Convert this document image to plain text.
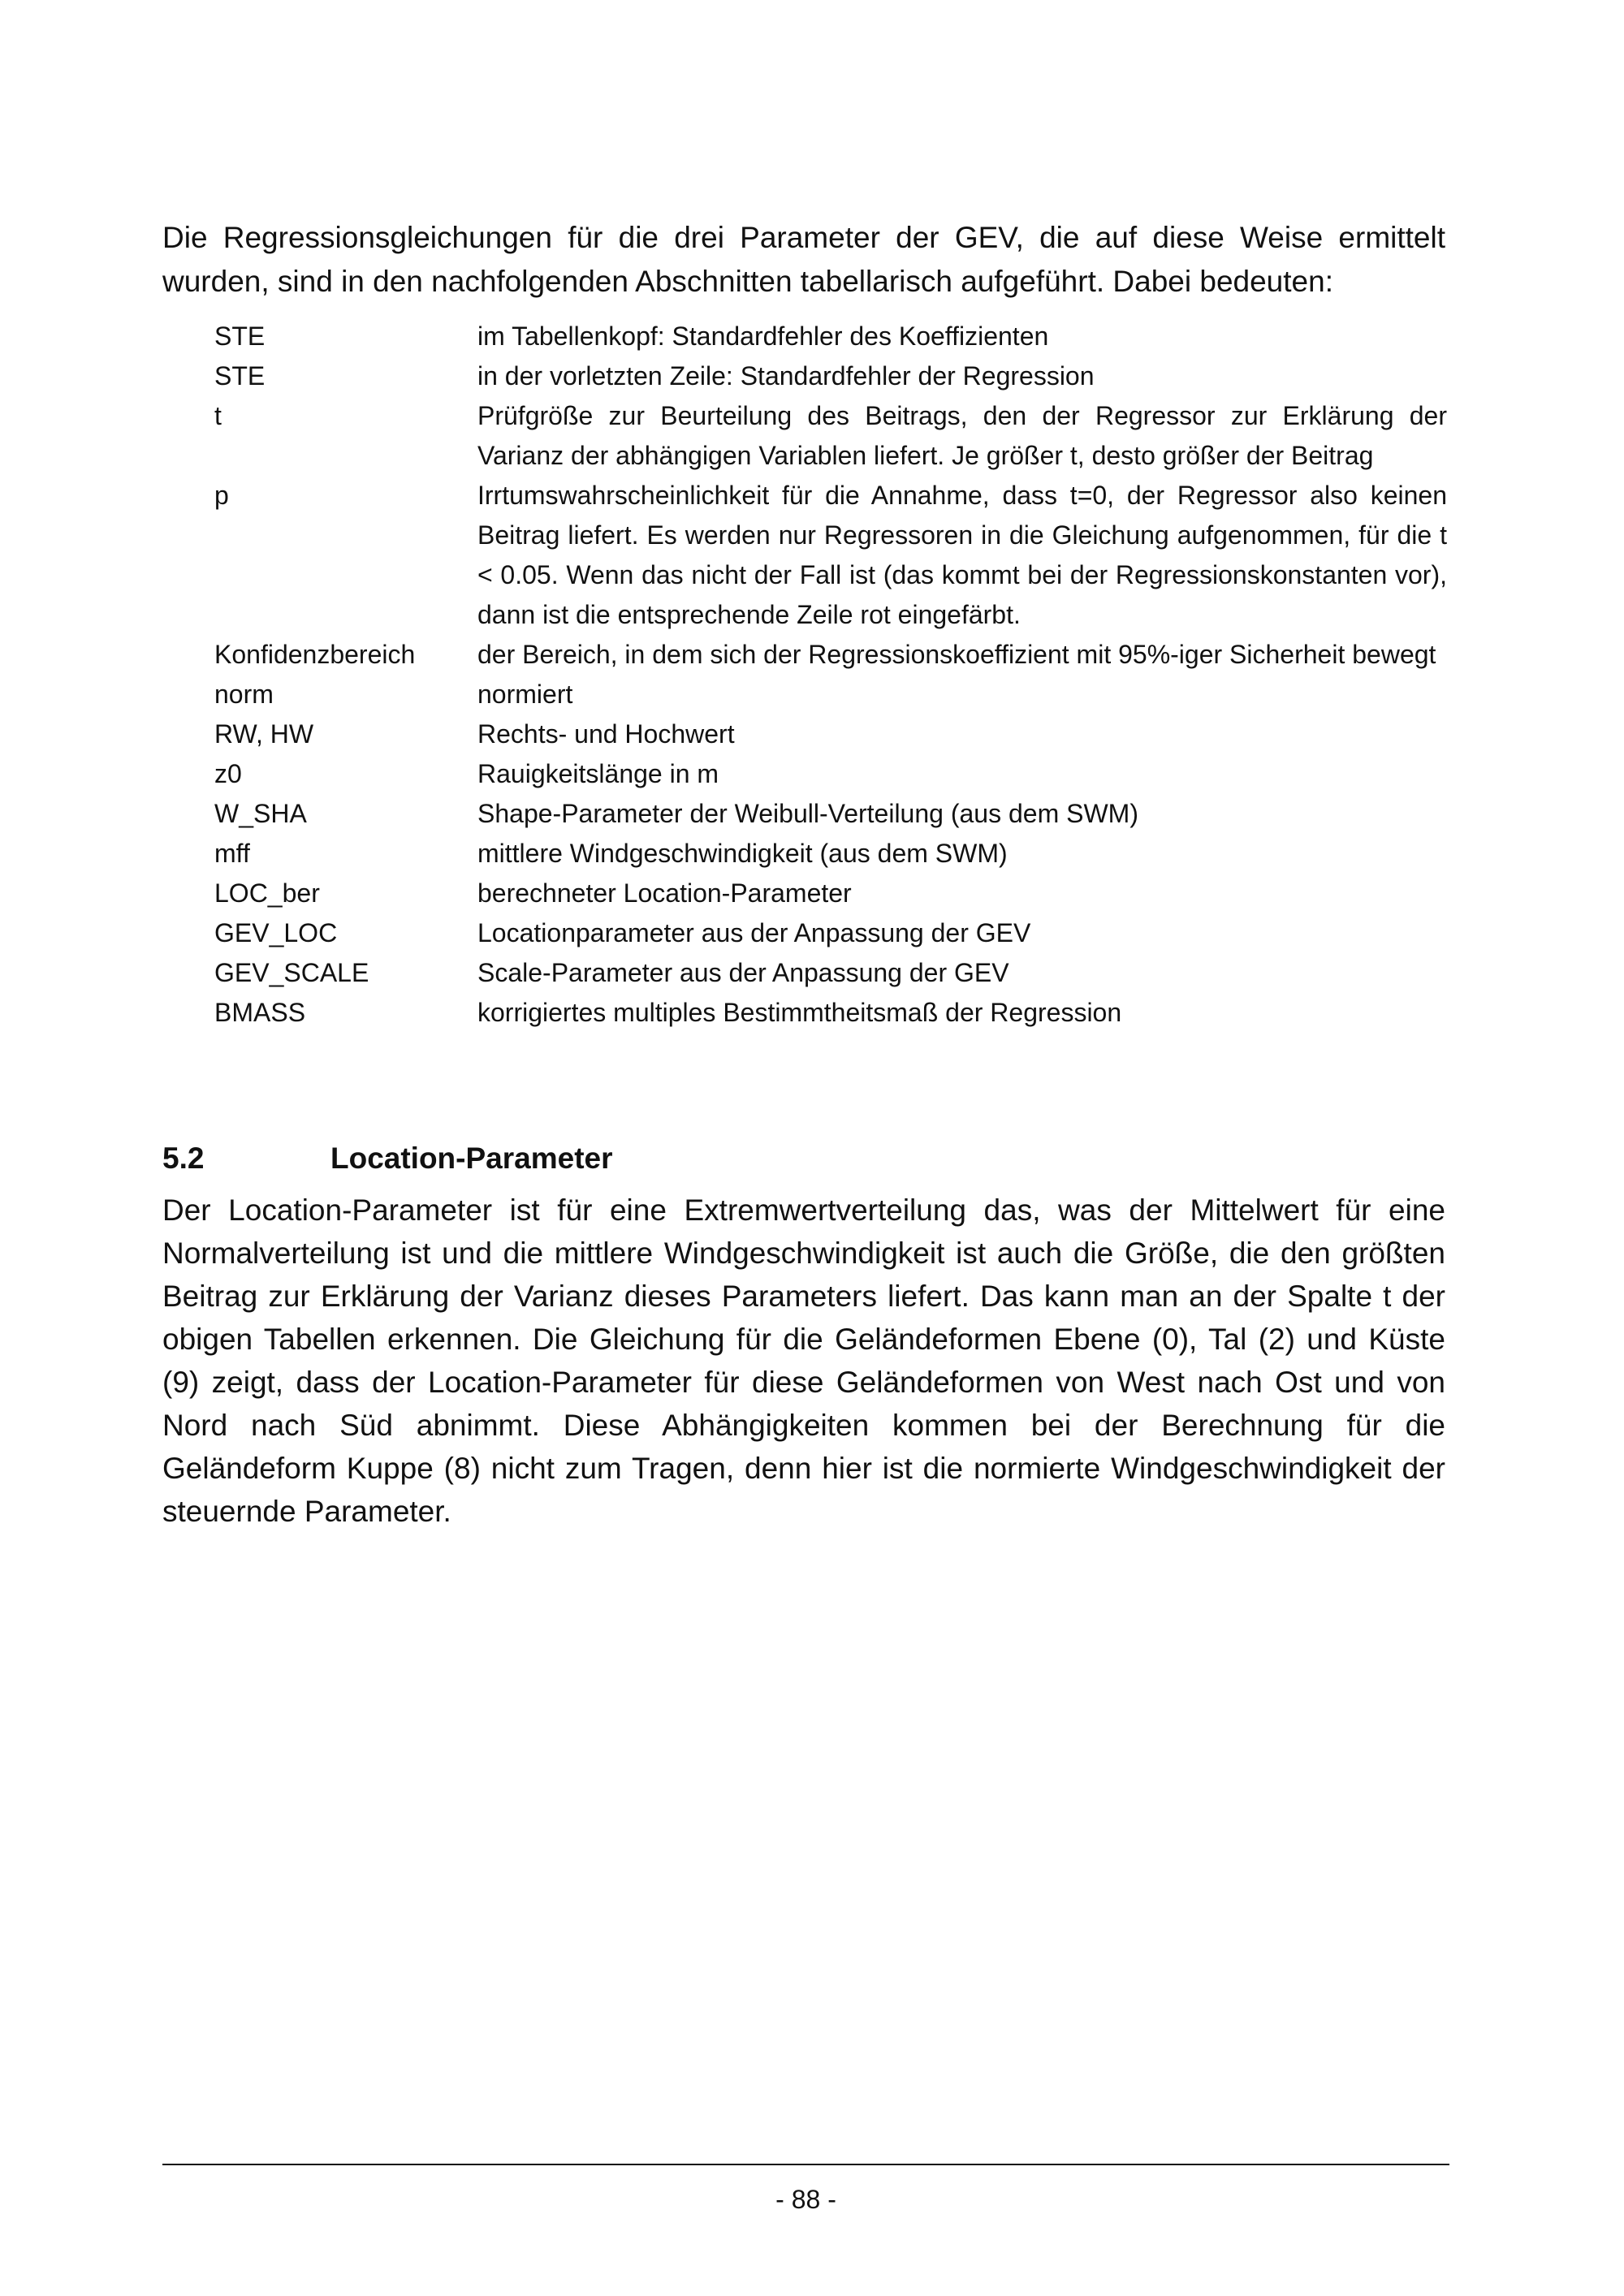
Die Regressionsgleichungen für die drei Parameter der GEV, die auf diese Weise ermittelt wurden, sind in den nachfolgenden Abschnitten tabellarisch aufgeführt. Dabei bedeuten:

STE	im Tabellenkopf: Standardfehler des Koeffizienten
STE	in der vorletzten Zeile: Standardfehler der Regression
t	Prüfgröße zur Beurteilung des Beitrags, den der Regressor zur Erklärung der Varianz der abhängigen Variablen liefert. Je größer t, desto größer der Beitrag
p	Irrtumswahrscheinlichkeit für die Annahme, dass t=0, der Regressor also keinen Beitrag liefert. Es werden nur Regressoren in die Gleichung aufgenommen, für die t < 0.05. Wenn das nicht der Fall ist (das kommt bei der Regressionskonstanten vor), dann ist die entsprechende Zeile rot eingefärbt.
Konfidenzbereich	der Bereich, in dem sich der Regressionskoeffizient mit 95%-iger Sicherheit bewegt
norm	normiert
RW, HW	Rechts- und Hochwert
z0	Rauigkeitslänge in m
W_SHA	Shape-Parameter der Weibull-Verteilung (aus dem SWM)
mff	mittlere Windgeschwindigkeit (aus dem SWM)
LOC_ber	berechneter Location-Parameter
GEV_LOC	Locationparameter aus der Anpassung der GEV
GEV_SCALE	Scale-Parameter aus der Anpassung der GEV
BMASS	korrigiertes multiples Bestimmtheitsmaß der Regression
5.2	Location-Parameter

Der Location-Parameter ist für eine Extremwertverteilung das, was der Mittelwert für eine Normalverteilung ist und die mittlere Windgeschwindigkeit ist auch die Größe, die den größten Beitrag zur Erklärung der Varianz dieses Parameters liefert. Das kann man an der Spalte t der obigen Tabellen erkennen. Die Gleichung für die Geländeformen Ebene (0), Tal (2) und Küste (9) zeigt, dass der Location-Parameter für diese Geländeformen von West nach Ost und von Nord nach Süd abnimmt. Diese Abhängigkeiten kommen bei der Berechnung für die Geländeform Kuppe (8) nicht zum Tragen, denn hier ist die normierte Windgeschwindigkeit der steuernde Parameter.

- 88 -
